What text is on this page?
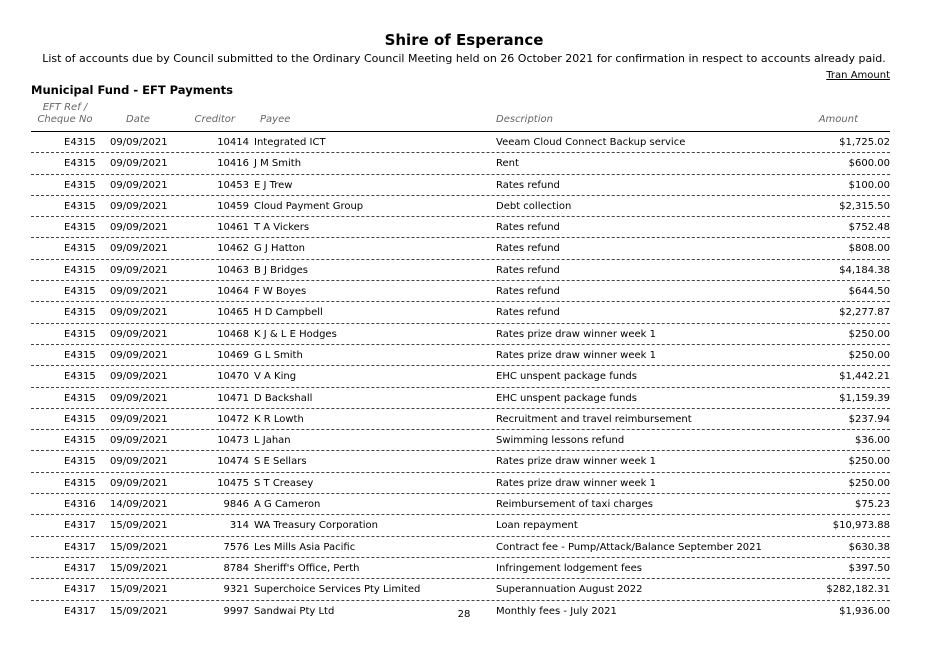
Shire of Esperance
List of accounts due by Council submitted to the Ordinary Council Meeting held on 26 October 2021 for confirmation in respect to accounts already paid.
Tran Amount
Municipal Fund - EFT Payments
EFT Ref /
Cheque No	Date	Creditor	Payee	Description	Amount
E4315 09/09/2021	10414 Integrated ICT	Veeam Cloud Connect Backup service	$1,725.02
E4315 09/09/2021	10416 J M Smith	Rent	$600.00
E4315 09/09/2021	10453 E J Trew	Rates refund	$100.00
E4315 09/09/2021	10459 Cloud Payment Group	Debt collection	$2,315.50
E4315 09/09/2021	10461 T A Vickers	Rates refund	$752.48
E4315 09/09/2021	10462 G J Hatton	Rates refund	$808.00
E4315 09/09/2021	10463 B J Bridges	Rates refund	$4,184.38
E4315 09/09/2021	10464 F W Boyes	Rates refund	$644.50
E4315 09/09/2021	10465 H D Campbell	Rates refund	$2,277.87
E4315 09/09/2021	10468 K J & L E Hodges	Rates prize draw winner week 1	$250.00
E4315 09/09/2021	10469 G L Smith	Rates prize draw winner week 1	$250.00
E4315 09/09/2021	10470 V A King	EHC unspent package funds	$1,442.21
E4315 09/09/2021	10471 D Backshall	EHC unspent package funds	$1,159.39
E4315 09/09/2021	10472 K R Lowth	Recruitment and travel reimbursement	$237.94
E4315 09/09/2021	10473 L Jahan	Swimming lessons refund	$36.00
E4315 09/09/2021	10474 S E Sellars	Rates prize draw winner week 1	$250.00
E4315 09/09/2021	10475 S T Creasey	Rates prize draw winner week 1	$250.00
E4316 14/09/2021	9846 A G Cameron	Reimbursement of taxi charges	$75.23
E4317 15/09/2021	314 WA Treasury Corporation	Loan repayment	$10,973.88
E4317 15/09/2021	7576 Les Mills Asia Pacific	Contract fee - Pump/Attack/Balance September 2021	$630.38
E4317 15/09/2021	8784 Sheriff's Office, Perth	Infringement lodgement fees	$397.50
E4317 15/09/2021	9321 Superchoice Services Pty Limited	Superannuation August 2022	$282,182.31
E4317 15/09/2021	9997 Sandwai Pty Ltd	Monthly fees - July 2021	$1,936.00
28
